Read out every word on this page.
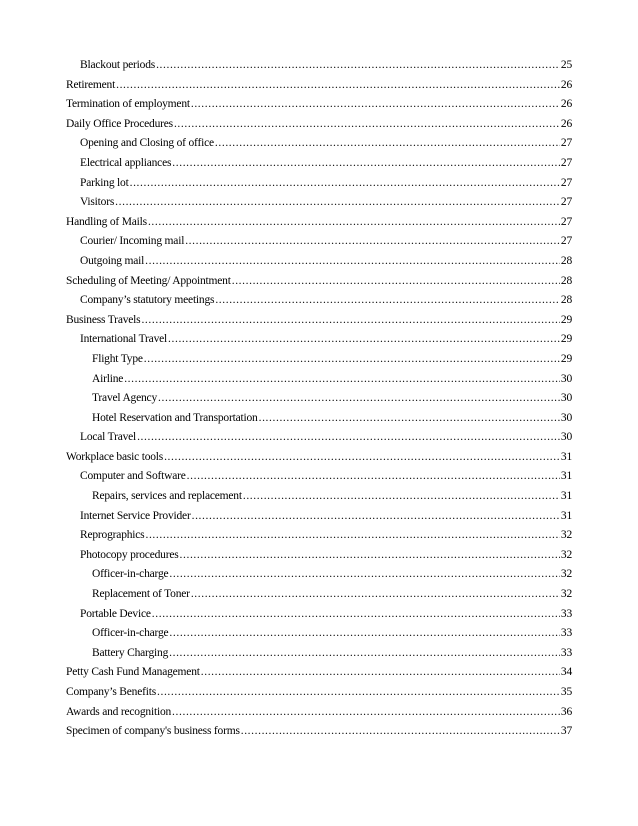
Blackout periods .....	25
Retirement .....	26
Termination of employment .....	26
Daily Office Procedures .....	26
Opening and Closing of office .....	27
Electrical appliances .....	27
Parking lot .....	27
Visitors .....	27
Handling of Mails .....	27
Courier/ Incoming mail .....	27
Outgoing mail .....	28
Scheduling of Meeting/ Appointment .....	28
Company’s statutory meetings .....	28
Business Travels .....	29
International Travel .....	29
Flight Type .....	29
Airline .....	30
Travel Agency .....	30
Hotel Reservation and Transportation .....	30
Local Travel .....	30
Workplace basic tools .....	31
Computer and Software .....	31
Repairs, services and replacement .....	31
Internet Service Provider .....	31
Reprographics .....	32
Photocopy procedures .....	32
Officer-in-charge .....	32
Replacement of Toner .....	32
Portable Device .....	33
Officer-in-charge .....	33
Battery Charging .....	33
Petty Cash Fund Management .....	34
Company’s Benefits .....	35
Awards and recognition .....	36
Specimen of company's business forms .....	37
